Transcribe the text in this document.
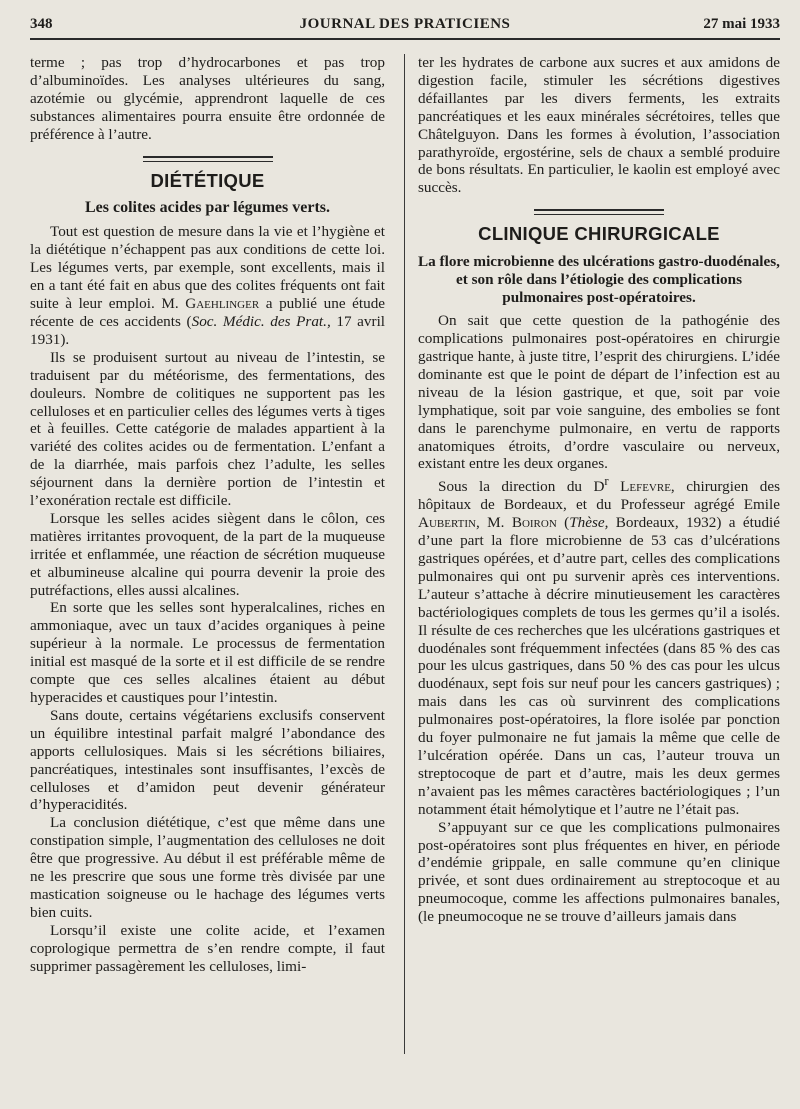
348	JOURNAL DES PRATICIENS	27 mai 1933

terme ; pas trop d’hydrocarbones et pas trop d’albuminoïdes. Les analyses ultérieures du sang, azotémie ou glycémie, apprendront laquelle de ces substances alimentaires pourra ensuite être ordonnée de préférence à l’autre.

DIÉTÉTIQUE
Les colites acides par légumes verts.

Tout est question de mesure dans la vie et l’hygiène et la diététique n’échappent pas aux conditions de cette loi. Les légumes verts, par exemple, sont excellents, mais il en a tant été fait en abus que des colites fréquents ont fait suite à leur emploi. M. Gaehlinger a publié une étude récente de ces accidents (Soc. Médic. des Prat., 17 avril 1931).

Ils se produisent surtout au niveau de l’intestin, se traduisent par du météorisme, des fermentations, des douleurs. Nombre de colitiques ne supportent pas les celluloses et en particulier celles des légumes verts à tiges et à feuilles. Cette catégorie de malades appartient à la variété des colites acides ou de fermentation. L’enfant a de la diarrhée, mais parfois chez l’adulte, les selles séjournent dans la dernière portion de l’intestin et l’exonération rectale est difficile.

Lorsque les selles acides siègent dans le côlon, ces matières irritantes provoquent, de la part de la muqueuse irritée et enflammée, une réaction de sécrétion muqueuse et albumineuse alcaline qui pourra devenir la proie des putréfactions, elles aussi alcalines.

En sorte que les selles sont hyperalcalines, riches en ammoniaque, avec un taux d’acides organiques à peine supérieur à la normale. Le processus de fermentation initial est masqué de la sorte et il est difficile de se rendre compte que ces selles alcalines étaient au début hyperacides et caustiques pour l’intestin.

Sans doute, certains végétariens exclusifs conservent un équilibre intestinal parfait malgré l’abondance des apports cellulosiques. Mais si les sécrétions biliaires, pancréatiques, intestinales sont insuffisantes, l’excès de celluloses et d’amidon peut devenir générateur d’hyperacidités.

La conclusion diététique, c’est que même dans une constipation simple, l’augmentation des celluloses ne doit être que progressive. Au début il est préférable même de ne les prescrire que sous une forme très divisée par une mastication soigneuse ou le hachage des légumes verts bien cuits.

Lorsqu’il existe une colite acide, et l’examen coprologique permettra de s’en rendre compte, il faut supprimer passagèrement les celluloses, limi-

ter les hydrates de carbone aux sucres et aux amidons de digestion facile, stimuler les sécrétions digestives défaillantes par les divers ferments, les extraits pancréatiques et les eaux minérales sécrétoires, telles que Châtelguyon. Dans les formes à évolution, l’association parathyroïde, ergostérine, sels de chaux a semblé produire de bons résultats. En particulier, le kaolin est employé avec succès.

CLINIQUE CHIRURGICALE
La flore microbienne des ulcérations gastro-duodénales, et son rôle dans l’étiologie des complications pulmonaires post-opératoires.

On sait que cette question de la pathogénie des complications pulmonaires post-opératoires en chirurgie gastrique hante, à juste titre, l’esprit des chirurgiens. L’idée dominante est que le point de départ de l’infection est au niveau de la lésion gastrique, et que, soit par voie lymphatique, soit par voie sanguine, des embolies se font dans le parenchyme pulmonaire, en vertu de rapports anatomiques étroits, d’ordre vasculaire ou nerveux, existant entre les deux organes.

Sous la direction du $D^r$ Lefevre, chirurgien des hôpitaux de Bordeaux, et du Professeur agrégé Emile Aubertin, M. Boiron (Thèse, Bordeaux, 1932) a étudié d’une part la flore microbienne de 53 cas d’ulcérations gastriques opérées, et d’autre part, celles des complications pulmonaires qui ont pu survenir après ces interventions. L’auteur s’attache à décrire minutieusement les caractères bactériologiques complets de tous les germes qu’il a isolés. Il résulte de ces recherches que les ulcérations gastriques et duodénales sont fréquemment infectées (dans 85 % des cas pour les ulcus gastriques, dans 50 % des cas pour les ulcus duodénaux, sept fois sur neuf pour les cancers gastriques) ; mais dans les cas où survinrent des complications pulmonaires post-opératoires, la flore isolée par ponction du foyer pulmonaire ne fut jamais la même que celle de l’ulcération opérée. Dans un cas, l’auteur trouva un streptocoque de part et d’autre, mais les deux germes n’avaient pas les mêmes caractères bactériologiques ; l’un notamment était hémolytique et l’autre ne l’était pas.

S’appuyant sur ce que les complications pulmonaires post-opératoires sont plus fréquentes en hiver, en période d’endémie grippale, en salle commune qu’en clinique privée, et sont dues ordinairement au streptocoque et au pneumocoque, comme les affections pulmonaires banales, (le pneumocoque ne se trouve d’ailleurs jamais dans
